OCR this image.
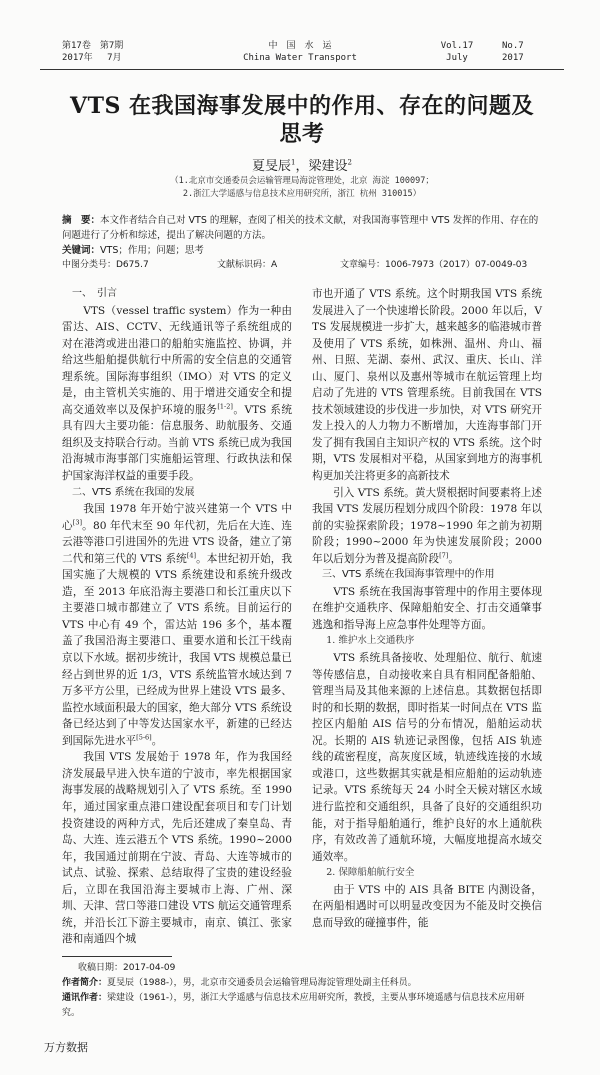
第17卷　第7期
2017年　 7月
中　国　水　运
China Water Transport
Vol.17
July
No.7
2017
VTS 在我国海事发展中的作用、存在的问题及思考
夏旻辰$^1$，梁建设$^2$
（1.北京市交通委员会运输管理局海淀管理处，北京 海淀 100097；
2.浙江大学遥感与信息技术应用研究所，浙江 杭州 310015）
摘　要：本文作者结合自己对 VTS 的理解，查阅了相关的技术文献，对我国海事管理中 VTS 发挥的作用、存在的问题进行了分析和综述，提出了解决问题的方法。
关键词：VTS；作用；问题；思考
中图分类号：D675.7	文献标识码：A	文章编号：1006-7973（2017）07-0049-03

一、　引言

VTS（vessel traffic system）作为一种由雷达、AIS、CCTV、无线通讯等子系统组成的对在港湾或进出港口的船舶实施监控、协调，并给这些船舶提供航行中所需的安全信息的交通管理系统。国际海事组织（IMO）对 VTS 的定义是，由主管机关实施的、用于增进交通安全和提高交通效率以及保护环境的服务[1-2]。VTS 系统具有四大主要功能：信息服务、助航服务、交通组织及支持联合行动。当前 VTS 系统已成为我国沿海城市海事部门实施船运管理、行政执法和保护国家海洋权益的重要手段。

二、VTS 系统在我国的发展

我国 1978 年开始宁波兴建第一个 VTS 中心[3]。80 年代末至 90 年代初，先后在大连、连云港等港口引进国外的先进 VTS 设备，建立了第二代和第三代的 VTS 系统[4]。本世纪初开始，我国实施了大规模的 VTS 系统建设和系统升级改造，至 2013 年底沿海主要港口和长江重庆以下主要港口城市都建立了 VTS 系统。目前运行的 VTS 中心有 49 个，雷达站 196 多个，基本覆盖了我国沿海主要港口、重要水道和长江干线南京以下水域。据初步统计，我国 VTS 规模总量已经占到世界的近 1/3，VTS 系统监管水域达到 7 万多平方公里，已经成为世界上建设 VTS 最多、监控水域面积最大的国家，绝大部分 VTS 系统设备已经达到了中等发达国家水平，新建的已经达到国际先进水平[5-6]。

我国 VTS 发展始于 1978 年，作为我国经济发展最早进入快车道的宁波市，率先根据国家海事发展的战略规划引入了 VTS 系统。至 1990 年，通过国家重点港口建设配套项目和专门计划投资建设的两种方式，先后还建成了秦皇岛、青岛、大连、连云港五个 VTS 系统。1990~2000 年，我国通过前期在宁波、青岛、大连等城市的试点、试验、探索、总结取得了宝贵的建设经验后，立即在我国沿海主要城市上海、广州、深圳、天津、营口等港口建设 VTS 航运交通管理系统，并沿长江下游主要城市，南京、镇江、张家港和南通四个城

市也开通了 VTS 系统。这个时期我国 VTS 系统发展进入了一个快速增长阶段。2000 年以后，VTS 发展规模进一步扩大，越来越多的临港城市普及使用了 VTS 系统，如株洲、温州、舟山、福州、日照、芜湖、泰州、武汉、重庆、长山、洋山、厦门、泉州以及惠州等城市在航运管理上均启动了先进的 VTS 管理系统。目前我国在 VTS 技术领域建设的步伐进一步加快，对 VTS 研究开发上投入的人力物力不断增加，大连海事部门开发了拥有我国自主知识产权的 VTS 系统。这个时期，VTS 发展相对平稳，从国家到地方的海事机构更加关注将更多的高新技术

引入 VTS 系统。黄大贤根据时间要素将上述我国 VTS 发展历程划分成四个阶段：1978 年以前的实验探索阶段；1978~1990 年之前为初期阶段；1990~2000 年为快速发展阶段；2000 年以后划分为普及提高阶段[7]。

三、VTS 系统在我国海事管理中的作用

VTS 系统在我国海事管理中的作用主要体现在维护交通秩序、保障船舶安全、打击交通肇事逃逸和指导海上应急事件处理等方面。

1. 维护水上交通秩序

VTS 系统具备接收、处理船位、航行、航速等传感信息，自动接收来自具有相同配备船舶、管理当局及其他来源的上述信息。其数据包括即时的和长期的数据，即时指某一时间点在 VTS 监控区内船舶 AIS 信号的分布情况，船舶运动状况。长期的 AIS 轨迹记录图像，包括 AIS 轨迹线的疏密程度，高灰度区域，轨迹线连接的水域或港口，这些数据其实就是相应船舶的运动轨迹记录。VTS 系统每天 24 小时全天候对辖区水域进行监控和交通组织，具备了良好的交通组织功能，对于指导船舶通行，维护良好的水上通航秩序，有效改善了通航环境，大幅度地提高水域交通效率。

2. 保障船舶航行安全

由于 VTS 中的 AIS 具备 BITE 内测设备，在两船相遇时可以明显改变因为不能及时交换信息而导致的碰撞事件，能

收稿日期：2017-04-09
作者简介：夏旻辰（1988-），男，北京市交通委员会运输管理局海淀管理处副主任科员。
通讯作者：梁建设（1961-），男，浙江大学遥感与信息技术应用研究所，教授，主要从事环境遥感与信息技术应用研究。
万方数据
